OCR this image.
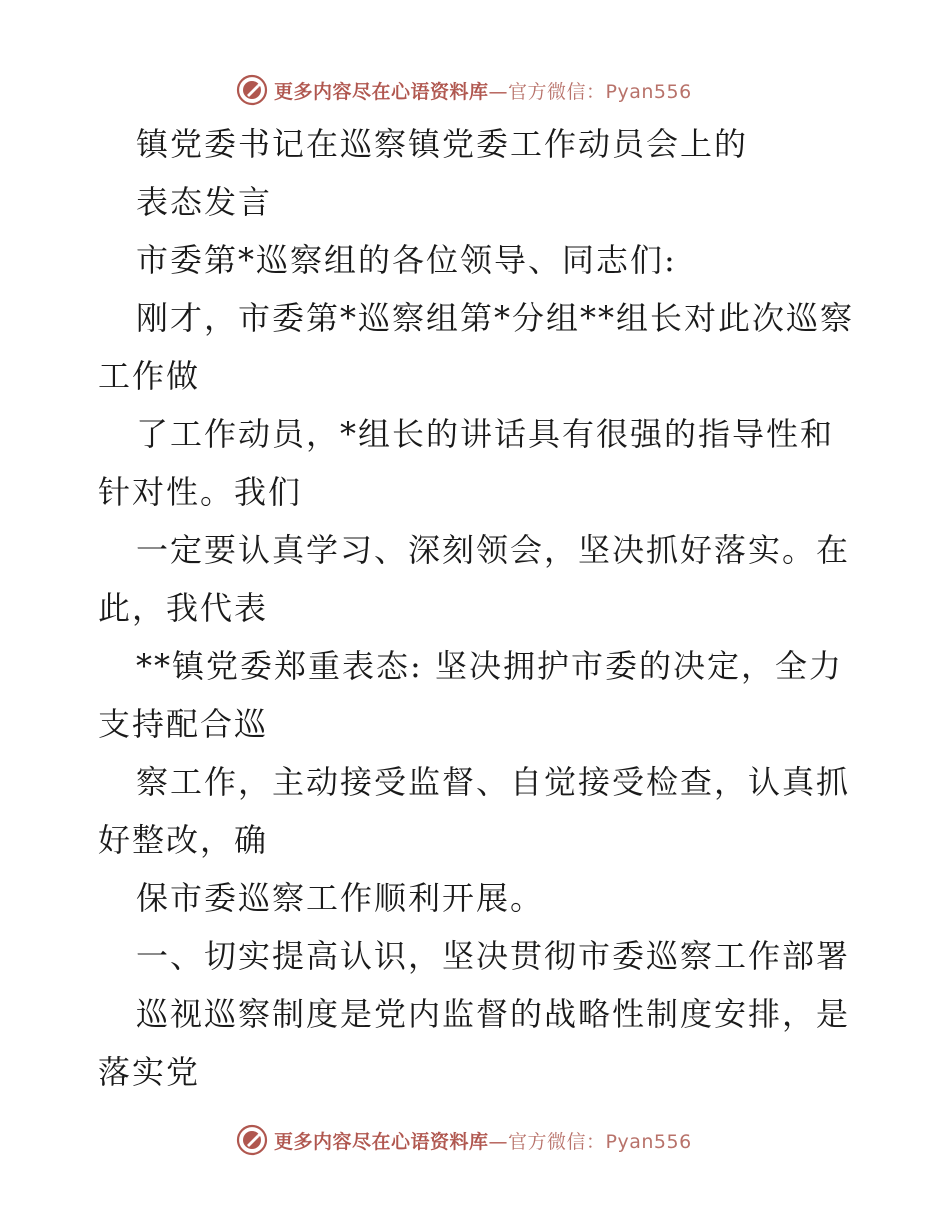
更多内容尽在心语资料库—官方微信：Pyan556
镇党委书记在巡察镇党委工作动员会上的
表态发言
市委第*巡察组的各位领导、同志们:
刚才，市委第*巡察组第*分组**组长对此次巡察
工作做
了工作动员，*组长的讲话具有很强的指导性和
针对性。我们
一定要认真学习、深刻领会，坚决抓好落实。在
此，我代表
**镇党委郑重表态: 坚决拥护市委的决定，全力
支持配合巡
察工作，主动接受监督、自觉接受检查，认真抓
好整改，确
保市委巡察工作顺利开展。
一、切实提高认识，坚决贯彻市委巡察工作部署
巡视巡察制度是党内监督的战略性制度安排，是
落实党
更多内容尽在心语资料库—官方微信：Pyan556
